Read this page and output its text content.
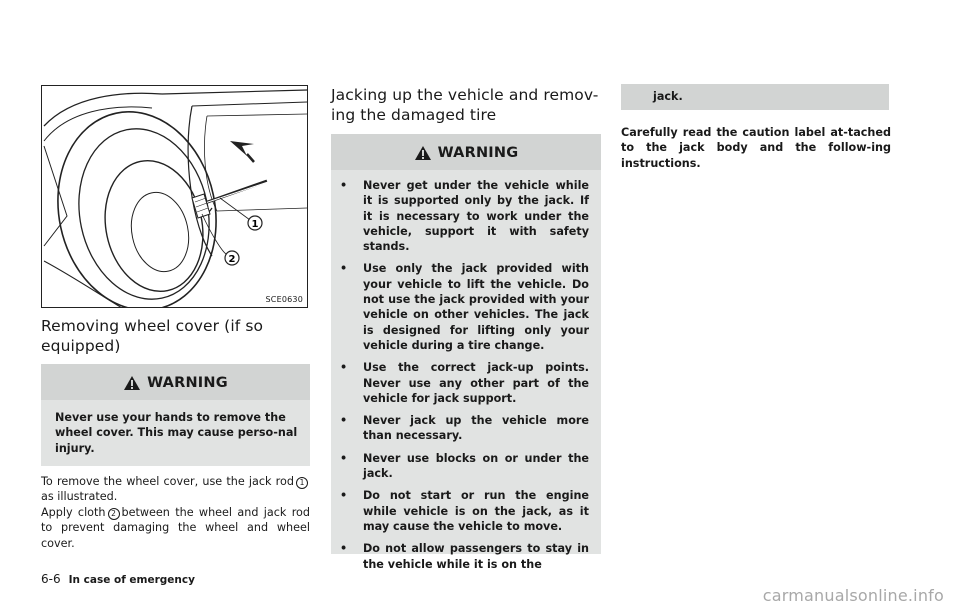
1
2
SCE0630
Removing wheel cover (if so
equipped)
WARNING
Never use your hands to remove the wheel cover. This may cause perso-nal injury.

To remove the wheel cover, use the jack rod 1as illustrated.

Apply cloth 2 between the wheel and jack rod to prevent damaging the wheel and wheel cover.

Jacking up the vehicle and remov-
ing the damaged tire
WARNING
• Never get under the vehicle while it is supported only by the jack. If it is necessary to work under the vehicle, support it with safety stands.
• Use only the jack provided with your vehicle to lift the vehicle. Do not use the jack provided with your vehicle on other vehicles. The jack is designed for lifting only your vehicle during a tire change.
• Use the correct jack-up points. Never use any other part of the vehicle for jack support.
• Never jack up the vehicle more than necessary.
• Never use blocks on or under the jack.
• Do not start or run the engine while vehicle is on the jack, as it may cause the vehicle to move.
• Do not allow passengers to stay in the vehicle while it is on the
jack.

Carefully read the caution label at-tached to the jack body and the follow-ing instructions.

6-6 In case of emergency
carmanualsonline.info
